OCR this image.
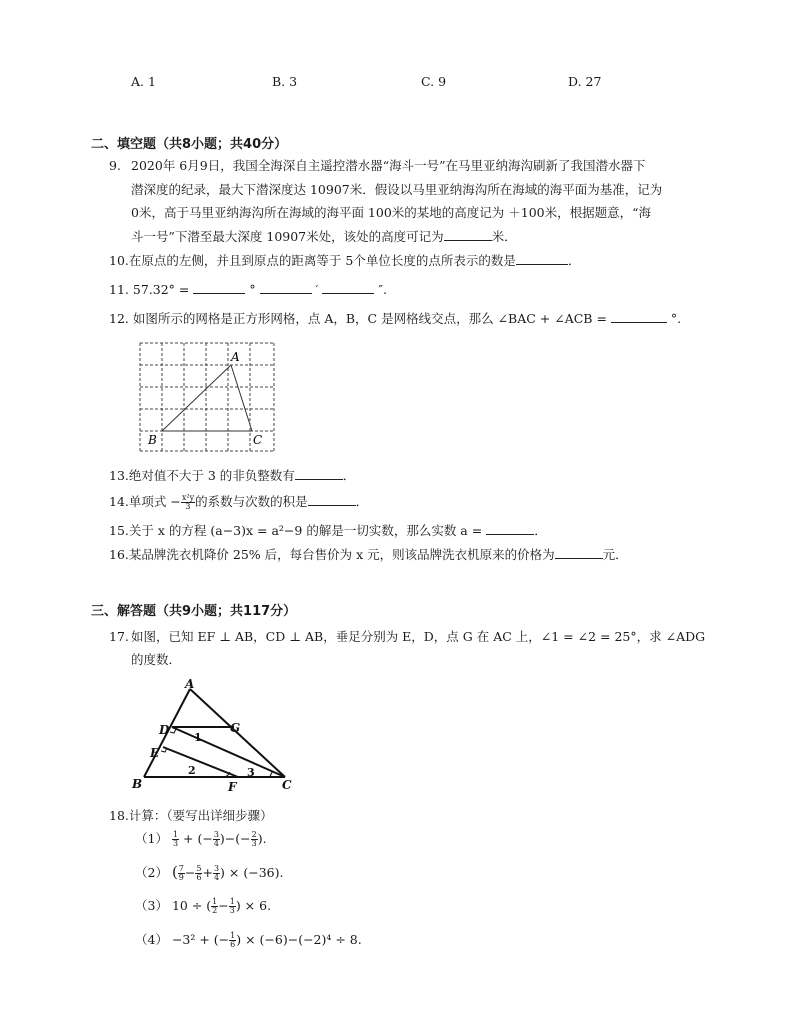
A. 1	B. 3	C. 9	D. 27
二、填空题（共8小题；共40分）
9. 2020年 6月9日，我国全海深自主遥控潜水器“海斗一号”在马里亚纳海沟刷新了我国潜水器下
潜深度的纪录，最大下潜深度达 10907米．假设以马里亚纳海沟所在海域的海平面为基准，记为
0米，高于马里亚纳海沟所在海域的海平面 100米的某地的高度记为 ＋100米，根据题意，“海
斗一号”下潜至最大深度 10907米处，该处的高度可记为	米．
10.在原点的左侧，并且到原点的距离等于 5个单位长度的点所表示的数是	．
11. 57.32° =	°	′	″.
12. 如图所示的网格是正方形网格，点 A，B，C 是网格线交点，那么 ∠BAC + ∠ACB =	°.
A
B	C
13.绝对值不大于 3 的非负整数有	．
14.单项式 − $\frac{\text{x²y}}{3}$ 的系数与次数的积是	．
15.关于 x 的方程 (a−3)x = a²−9 的解是一切实数，那么实数 a =	．
16.某品牌洗衣机降价 25% 后，每台售价为 x 元，则该品牌洗衣机原来的价格为	元．
三、解答题（共9小题；共117分）
17. 如图，已知 EF ⊥ AB，CD ⊥ AB，垂足分别为 E，D，点 G 在 AC 上，∠1 = ∠2 = 25°，求 ∠ADG
的度数．
A
B	C
D
E
F
G
1
2	3
18.计算：（要写出详细步骤）
$(1) \frac{1}{3}$ + (− $\frac{3}{4}$ )−(− $\frac{2}{3}$ ).
（2） ( $\frac{7}{9} - \frac{5}{6} + \frac{3}{4}$ ) × (−36).
（3） 10 ÷ ( $\frac{1}{2} - \frac{1}{3}$ ) × 6.
（4） −3² + (− $\frac{1}{6}$ ) × (−6)−(−2)⁴ ÷ 8.
